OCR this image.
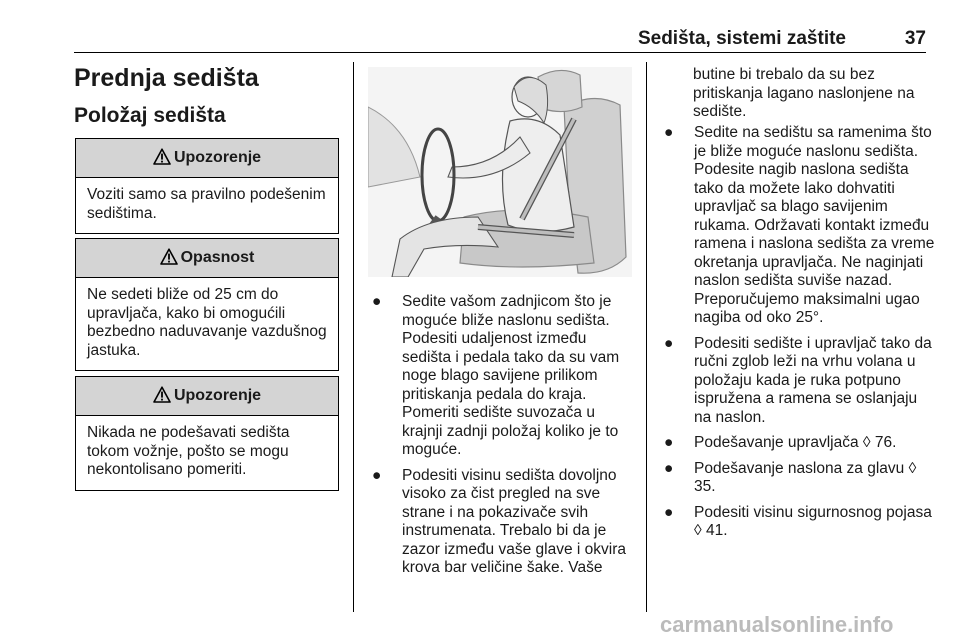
Sedišta, sistemi zaštite	37
Prednja sedišta
Položaj sedišta
Upozorenje
Voziti samo sa pravilno podešenim sedištima.
Opasnost
Ne sedeti bliže od 25 cm do upravljača, kako bi omogućili bezbedno naduvavanje vazdušnog jastuka.
Upozorenje
Nikada ne podešavati sedišta tokom vožnje, pošto se mogu nekontolisano pomeriti.
● Sedite vašom zadnjicom što je moguće bliže naslonu sedišta. Podesiti udaljenost između sedišta i pedala tako da su vam noge blago savijene prilikom pritiskanja pedala do kraja. Pomeriti sedište suvozača u krajnji zadnji položaj koliko je to moguće.
● Podesiti visinu sedišta dovoljno visoko za čist pregled na sve strane i na pokazivače svih instrumenata. Trebalo bi da je zazor između vaše glave i okvira krova bar veličine šake. Vaše
butine bi trebalo da su bez pritiskanja lagano naslonjene na sedište.
● Sedite na sedištu sa ramenima što je bliže moguće naslonu sedišta. Podesite nagib naslona sedišta tako da možete lako dohvatiti upravljač sa blago savijenim rukama. Održavati kontakt između ramena i naslona sedišta za vreme okretanja upravljača. Ne naginjati naslon sedišta suviše nazad. Preporučujemo maksimalni ugao nagiba od oko 25°.
● Podesiti sedište i upravljač tako da ručni zglob leži na vrhu volana u položaju kada je ruka potpuno ispružena a ramena se oslanjaju na naslon.
● Podešavanje upravljača ◊ 76.
● Podešavanje naslona za glavu ◊ 35.
● Podesiti visinu sigurnosnog pojasa ◊ 41.
carmanualsonline.info
